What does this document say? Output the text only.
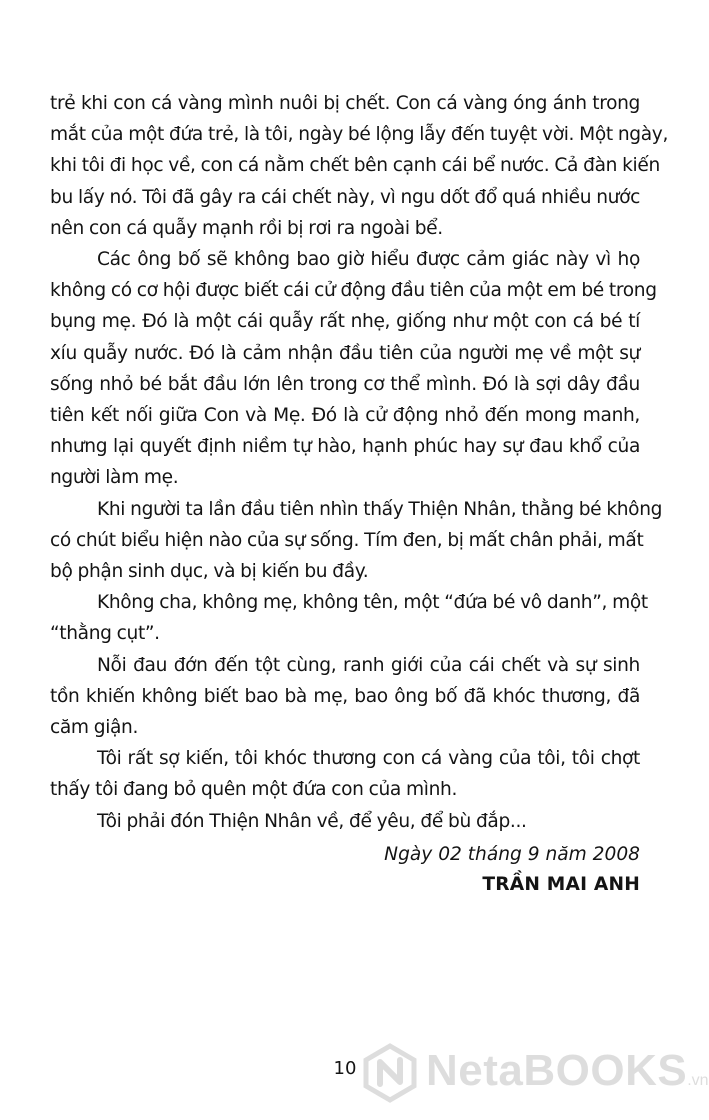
trẻ khi con cá vàng mình nuôi bị chết. Con cá vàng óng ánh trong
mắt của một đứa trẻ, là tôi, ngày bé lộng lẫy đến tuyệt vời. Một ngày,
khi tôi đi học về, con cá nằm chết bên cạnh cái bể nước. Cả đàn kiến
bu lấy nó. Tôi đã gây ra cái chết này, vì ngu dốt đổ quá nhiều nước
nên con cá quẫy mạnh rồi bị rơi ra ngoài bể.

Các ông bố sẽ không bao giờ hiểu được cảm giác này vì họ
không có cơ hội được biết cái cử động đầu tiên của một em bé trong
bụng mẹ. Đó là một cái quẫy rất nhẹ, giống như một con cá bé tí
xíu quẫy nước. Đó là cảm nhận đầu tiên của người mẹ về một sự
sống nhỏ bé bắt đầu lớn lên trong cơ thể mình. Đó là sợi dây đầu
tiên kết nối giữa Con và Mẹ. Đó là cử động nhỏ đến mong manh,
nhưng lại quyết định niềm tự hào, hạnh phúc hay sự đau khổ của
người làm mẹ.

Khi người ta lần đầu tiên nhìn thấy Thiện Nhân, thằng bé không
có chút biểu hiện nào của sự sống. Tím đen, bị mất chân phải, mất
bộ phận sinh dục, và bị kiến bu đầy.

Không cha, không mẹ, không tên, một “đứa bé vô danh”, một
“thằng cụt”.

Nỗi đau đớn đến tột cùng, ranh giới của cái chết và sự sinh
tồn khiến không biết bao bà mẹ, bao ông bố đã khóc thương, đã
căm giận.

Tôi rất sợ kiến, tôi khóc thương con cá vàng của tôi, tôi chợt
thấy tôi đang bỏ quên một đứa con của mình.

Tôi phải đón Thiện Nhân về, để yêu, để bù đắp...

Ngày 02 tháng 9 năm 2008
TRẦN MAI ANH
10	NetaBOOKS.vn
